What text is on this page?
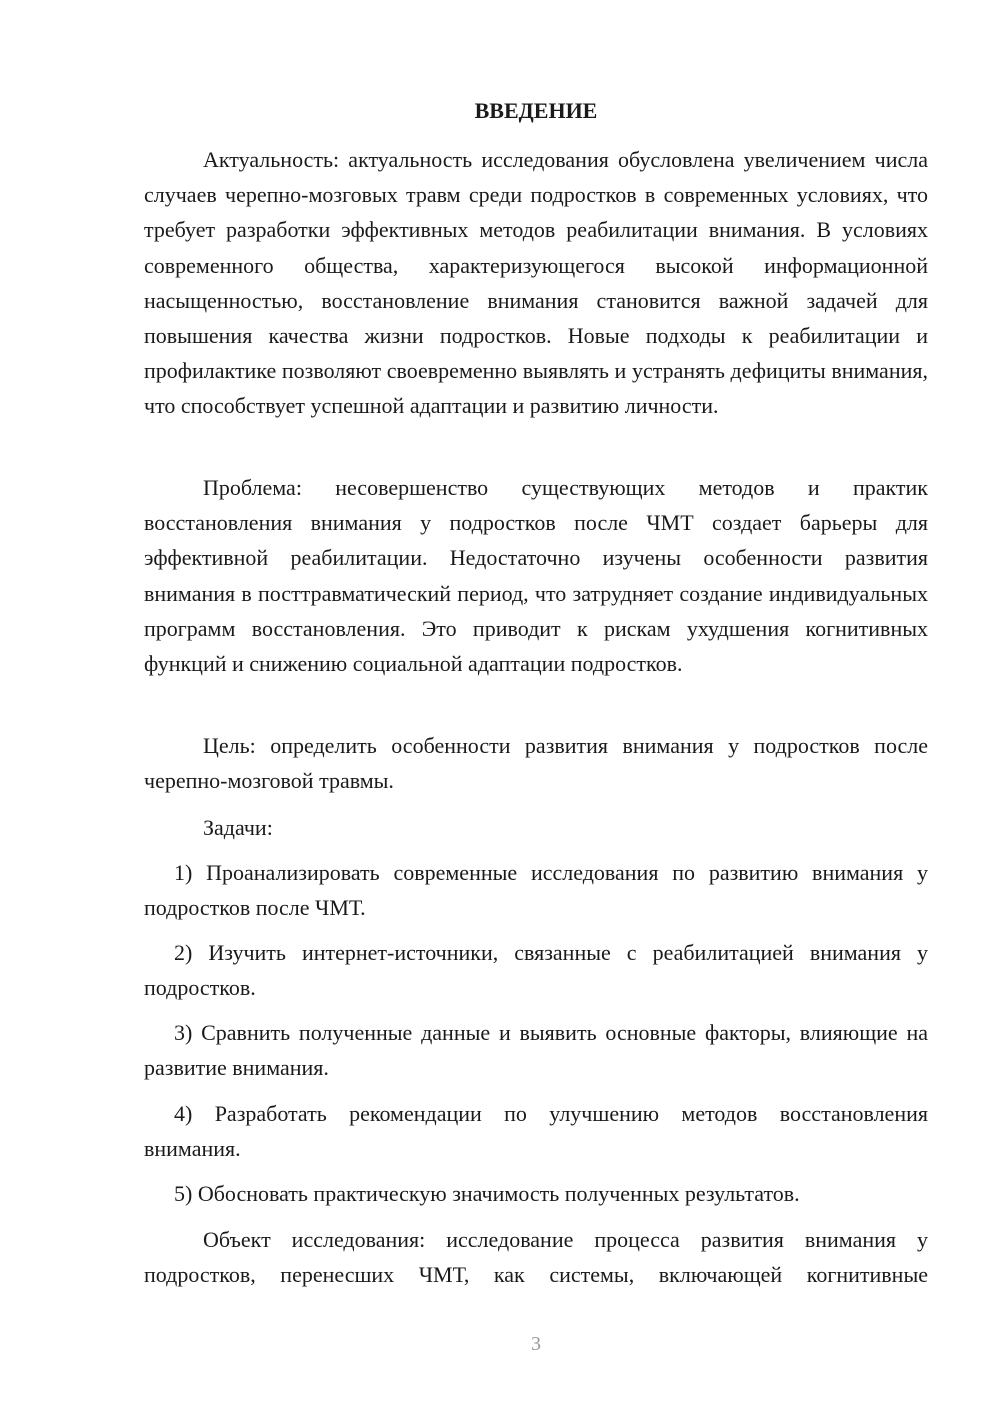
ВВЕДЕНИЕ

Актуальность: актуальность исследования обусловлена увеличением числа случаев черепно-мозговых травм среди подростков в современных условиях, что требует разработки эффективных методов реабилитации внимания. В условиях современного общества, характеризующегося высокой информационной насыщенностью, восстановление внимания становится важной задачей для повышения качества жизни подростков. Новые подходы к реабилитации и профилактике позволяют своевременно выявлять и устранять дефициты внимания, что способствует успешной адаптации и развитию личности.

Проблема: несовершенство существующих методов и практик восстановления внимания у подростков после ЧМТ создает барьеры для эффективной реабилитации. Недостаточно изучены особенности развития внимания в посттравматический период, что затрудняет создание индивидуальных программ восстановления. Это приводит к рискам ухудшения когнитивных функций и снижению социальной адаптации подростков.

Цель: определить особенности развития внимания у подростков после черепно-мозговой травмы.

Задачи:

1) Проанализировать современные исследования по развитию внимания у подростков после ЧМТ.

2) Изучить интернет-источники, связанные с реабилитацией внимания у подростков.

3) Сравнить полученные данные и выявить основные факторы, влияющие на развитие внимания.

4) Разработать рекомендации по улучшению методов восстановления внимания.

5) Обосновать практическую значимость полученных результатов.

Объект исследования: исследование процесса развития внимания у подростков, перенесших ЧМТ, как системы, включающей когнитивные

3
